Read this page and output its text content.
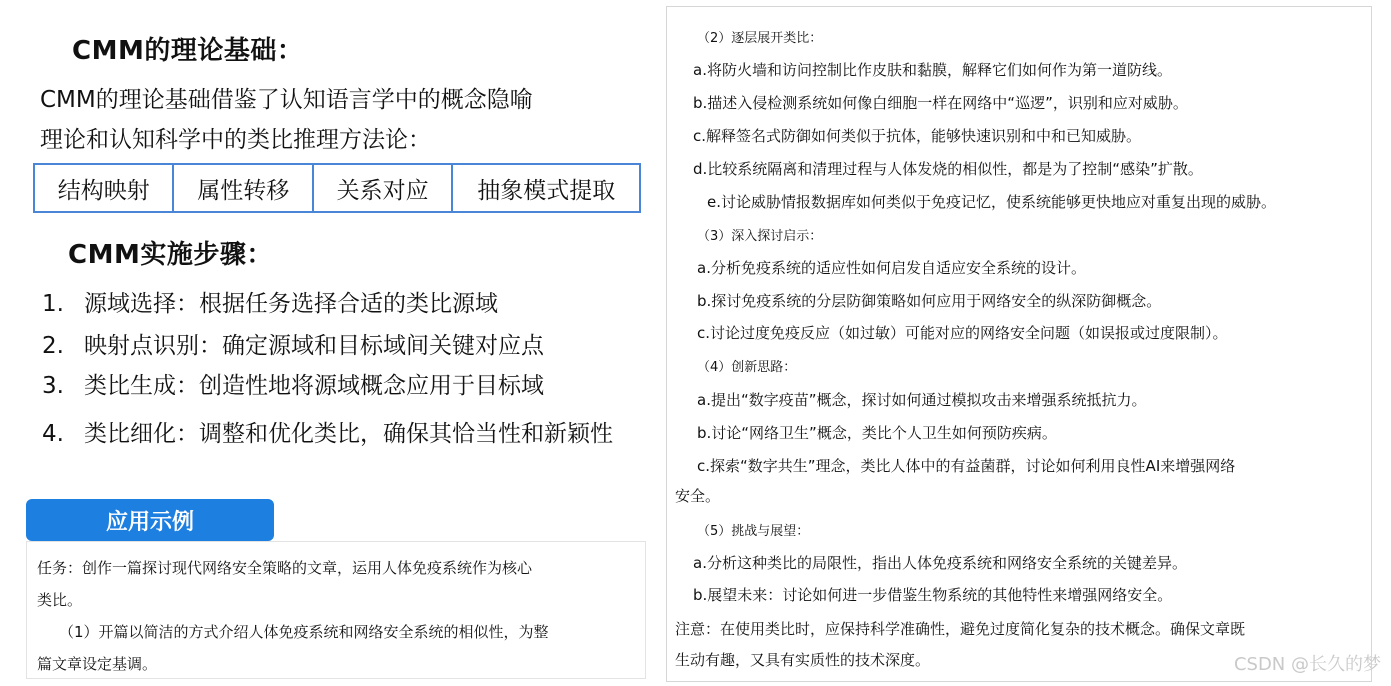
CMM的理论基础：
CMM的理论基础借鉴了认知语言学中的概念隐喻
理论和认知科学中的类比推理方法论：
结构映射	属性转移	关系对应	抽象模式提取
CMM实施步骤：
1. 源域选择：根据任务选择合适的类比源域
2. 映射点识别：确定源域和目标域间关键对应点
3. 类比生成：创造性地将源域概念应用于目标域
4. 类比细化：调整和优化类比，确保其恰当性和新颖性
应用示例
任务：创作一篇探讨现代网络安全策略的文章，运用人体免疫系统作为核心
类比。
（1）开篇以简洁的方式介绍人体免疫系统和网络安全系统的相似性，为整
篇文章设定基调。
（2）逐层展开类比：
a.将防火墙和访问控制比作皮肤和黏膜，解释它们如何作为第一道防线。
b.描述入侵检测系统如何像白细胞一样在网络中“巡逻”，识别和应对威胁。
c.解释签名式防御如何类似于抗体，能够快速识别和中和已知威胁。
d.比较系统隔离和清理过程与人体发烧的相似性，都是为了控制“感染”扩散。
e.讨论威胁情报数据库如何类似于免疫记忆，使系统能够更快地应对重复出现的威胁。
（3）深入探讨启示：
a.分析免疫系统的适应性如何启发自适应安全系统的设计。
b.探讨免疫系统的分层防御策略如何应用于网络安全的纵深防御概念。
c.讨论过度免疫反应（如过敏）可能对应的网络安全问题（如误报或过度限制）。
（4）创新思路：
a.提出“数字疫苗”概念，探讨如何通过模拟攻击来增强系统抵抗力。
b.讨论“网络卫生”概念，类比个人卫生如何预防疾病。
c.探索“数字共生”理念，类比人体中的有益菌群，讨论如何利用良性AI来增强网络
安全。
（5）挑战与展望：
a.分析这种类比的局限性，指出人体免疫系统和网络安全系统的关键差异。
b.展望未来：讨论如何进一步借鉴生物系统的其他特性来增强网络安全。
注意：在使用类比时，应保持科学准确性，避免过度简化复杂的技术概念。确保文章既
生动有趣，又具有实质性的技术深度。	CSDN @长久的梦
